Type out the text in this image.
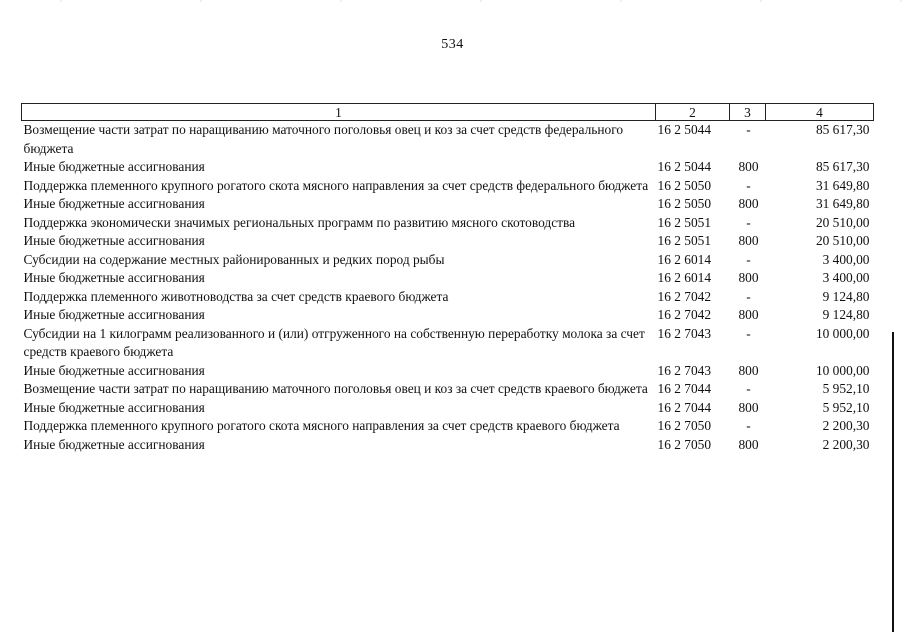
534
1	2	3	4
Возмещение части затрат по наращиванию маточного поголовья овец и коз за счет средств федерального бюджета	16 2 5044	-	85 617,30
Иные бюджетные ассигнования	16 2 5044	800	85 617,30
Поддержка племенного крупного рогатого скота мясного направления за счет средств федерального бюджета	16 2 5050	-	31 649,80
Иные бюджетные ассигнования	16 2 5050	800	31 649,80
Поддержка экономически значимых региональных программ по развитию мясного скотоводства	16 2 5051	-	20 510,00
Иные бюджетные ассигнования	16 2 5051	800	20 510,00
Субсидии на содержание местных районированных и редких пород рыбы	16 2 6014	-	3 400,00
Иные бюджетные ассигнования	16 2 6014	800	3 400,00
Поддержка племенного животноводства за счет средств краевого бюджета	16 2 7042	-	9 124,80
Иные бюджетные ассигнования	16 2 7042	800	9 124,80
Субсидии на 1 килограмм реализованного и (или) отгруженного на собственную переработку молока за счет средств краевого бюджета	16 2 7043	-	10 000,00
Иные бюджетные ассигнования	16 2 7043	800	10 000,00
Возмещение части затрат по наращиванию маточного поголовья овец и коз за счет средств краевого бюджета	16 2 7044	-	5 952,10
Иные бюджетные ассигнования	16 2 7044	800	5 952,10
Поддержка племенного крупного рогатого скота мясного направления за счет средств краевого бюджета	16 2 7050	-	2 200,30
Иные бюджетные ассигнования	16 2 7050	800	2 200,30
